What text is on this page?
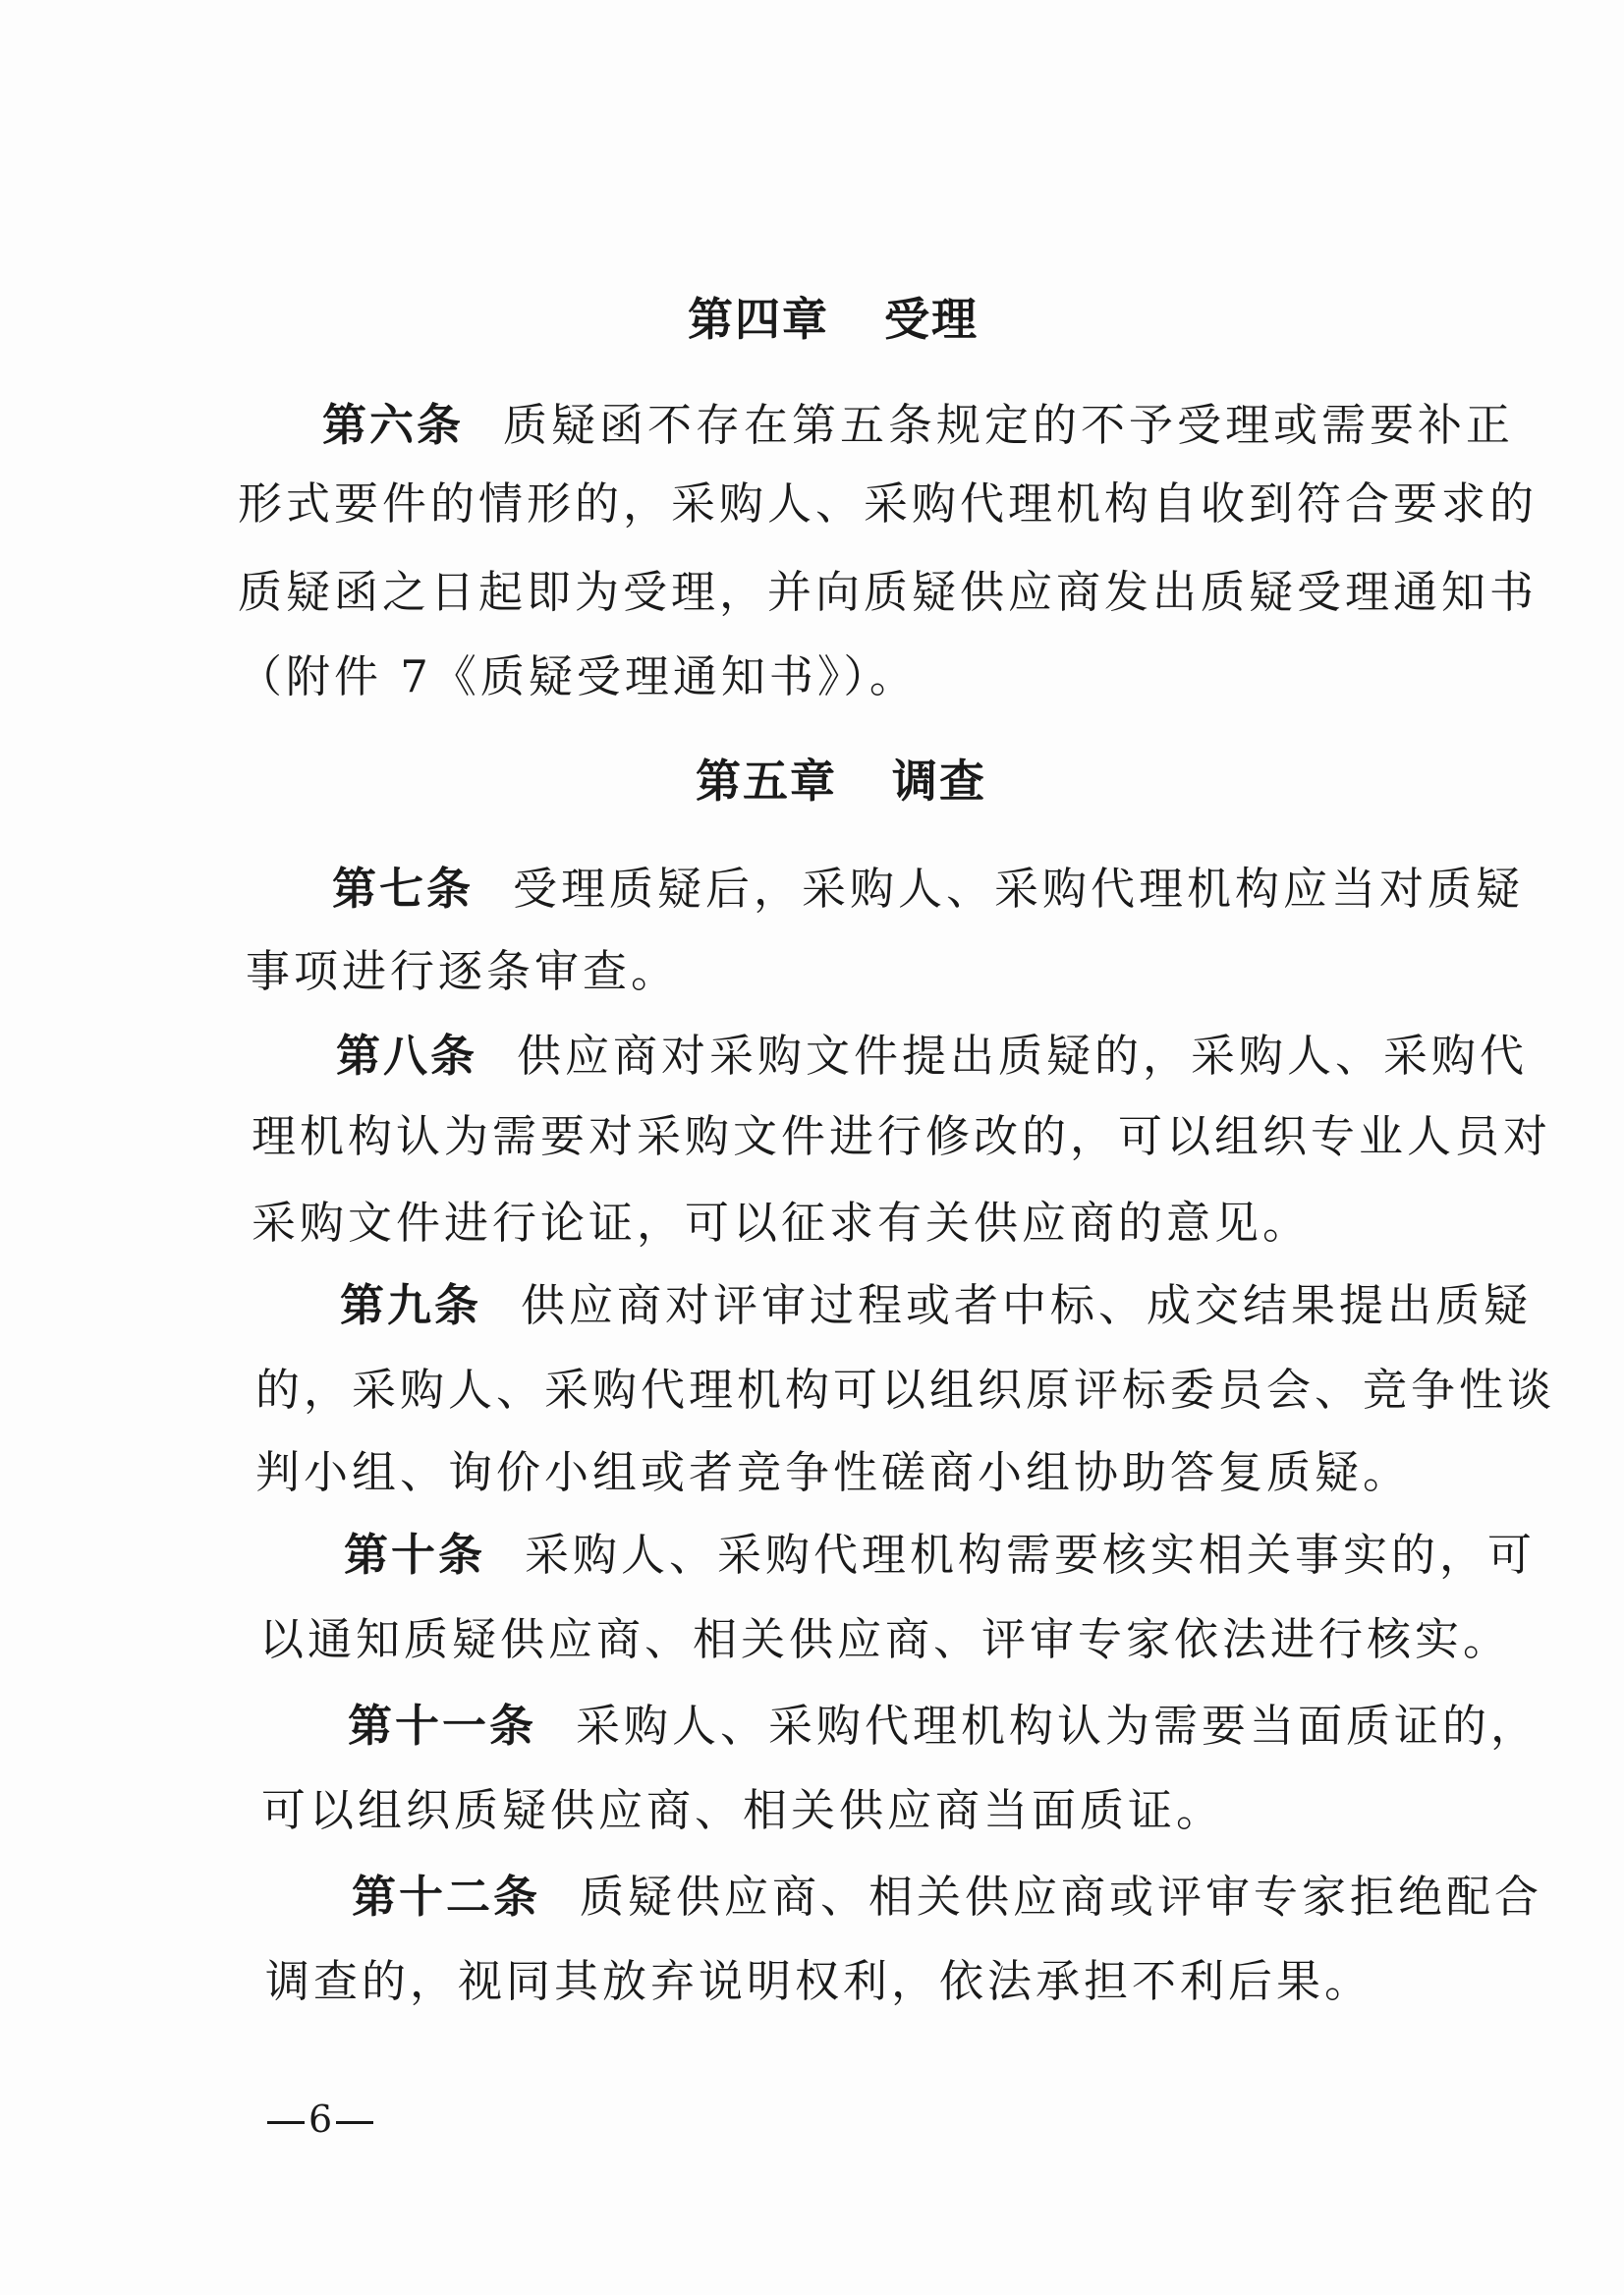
第四章 受理
第六条 质疑函不存在第五条规定的不予受理或需要补正
形式要件的情形的，采购人、采购代理机构自收到符合要求的
质疑函之日起即为受理，并向质疑供应商发出质疑受理通知书
（附件 7《质疑受理通知书》）。
第五章 调查
第七条 受理质疑后，采购人、采购代理机构应当对质疑
事项进行逐条审查。
第八条 供应商对采购文件提出质疑的，采购人、采购代
理机构认为需要对采购文件进行修改的，可以组织专业人员对
采购文件进行论证，可以征求有关供应商的意见。
第九条 供应商对评审过程或者中标、成交结果提出质疑
的，采购人、采购代理机构可以组织原评标委员会、竞争性谈
判小组、询价小组或者竞争性磋商小组协助答复质疑。
第十条 采购人、采购代理机构需要核实相关事实的，可
以通知质疑供应商、相关供应商、评审专家依法进行核实。
第十一条 采购人、采购代理机构认为需要当面质证的，
可以组织质疑供应商、相关供应商当面质证。
第十二条 质疑供应商、相关供应商或评审专家拒绝配合
调查的，视同其放弃说明权利，依法承担不利后果。
6
